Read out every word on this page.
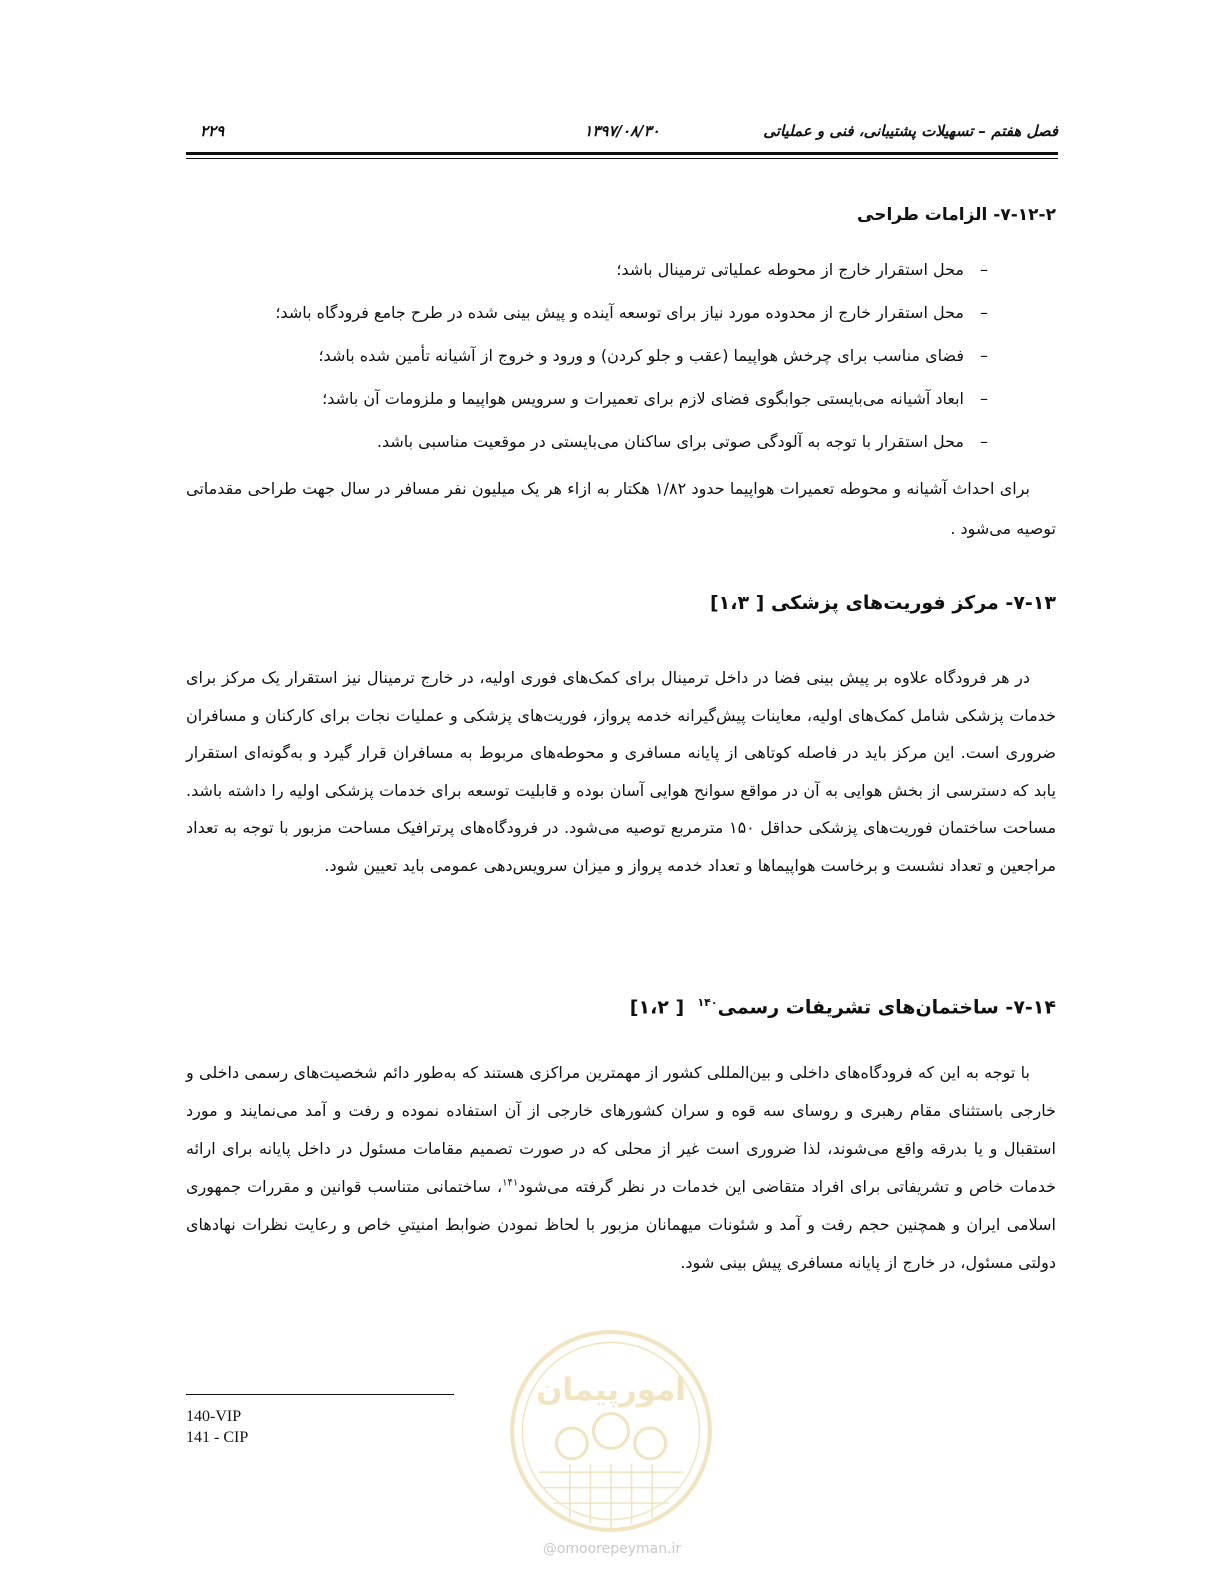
فصل هفتم – تسهیلات پشتیبانی، فنی و عملیاتی
۱۳۹۷/۰۸/۳۰
۲۲۹
۷-۱۲-۲- الزامات طراحی
–
محل استقرار خارج از محوطه عملیاتی ترمینال باشد؛
–
محل استقرار خارج از محدوده مورد نیاز برای توسعه آینده و پیش بینی شده در طرح جامع فرودگاه باشد؛
–
فضای مناسب برای چرخش هواپیما (عقب و جلو کردن) و ورود و خروج از آشیانه تأمین شده باشد؛
–
ابعاد آشیانه می‌بایستی جوابگوی فضای لازم برای تعمیرات و سرویس هواپیما و ملزومات آن باشد؛
–
محل استقرار با توجه به آلودگی صوتی برای ساکنان می‌بایستی در موقعیت مناسبی باشد.

برای احداث آشیانه و محوطه تعمیرات هواپیما حدود ۱/۸۲ هکتار به ازاء هر یک میلیون نفر مسافر در سال جهت طراحی مقدماتی توصیه می‌شود .

۷-۱۳- مرکز فوریت‌های پزشکی [ ۱،۳]

در هر فرودگاه علاوه بر پیش بینی فضا در داخل ترمینال برای کمک‌های فوری اولیه، در خارج ترمینال نیز استقرار یک مرکز برای خدمات پزشکی شامل کمک‌های اولیه، معاینات پیش‌گیرانه خدمه پرواز، فوریت‌های پزشکی و عملیات نجات برای کارکنان و مسافران ضروری است. این مرکز باید در فاصله کوتاهی از پایانه مسافری و محوطه‌های مربوط به مسافران قرار گیرد و به‌گونه‌ای استقرار یابد که دسترسی از بخش هوایی به آن در مواقع سوانح هوایی آسان بوده و قابلیت توسعه برای خدمات پزشکی اولیه را داشته باشد. مساحت ساختمان فوریت‌های پزشکی حداقل ۱۵۰ مترمربع توصیه می‌شود. در فرودگاه‌های پرترافیک مساحت مزبور با توجه به تعداد مراجعین و تعداد نشست و برخاست هواپیماها و تعداد خدمه پرواز و میزان سرویس‌دهی عمومی باید تعیین شود.

۷-۱۴- ساختمان‌های تشریفات رسمی$^{۱۴۰}$  [ ۱،۲]

با توجه به این که فرودگاه‌های داخلی و بین‌المللی کشور از مهمترین مراکزی هستند که به‌طور دائم شخصیت‌های رسمی داخلی و خارجی باستثنای مقام رهبری و روسای سه قوه و سران کشورهای خارجی از آن استفاده نموده و رفت و آمد می‌نمایند و مورد استقبال و یا بدرقه واقع می‌شوند، لذا ضروری است غیر از محلی که در صورت تصمیم مقامات مسئول در داخل پایانه برای ارائه خدمات خاص و تشریفاتی برای افراد متقاضی این خدمات در نظر گرفته می‌شود$^{۱۴۱}$، ساختمانی متناسب قوانین و مقررات جمهوری اسلامی ایران و همچنین حجم رفت و آمد و شئونات میهمانان مزبور با لحاظ نمودن ضوابط امنیتیِ خاص و رعایت نظرات نهادهای دولتی مسئول، در خارج از پایانه مسافری پیش بینی شود.

140-VIP
141 - CIP
امورپیمان
@omoorepeyman.ir
